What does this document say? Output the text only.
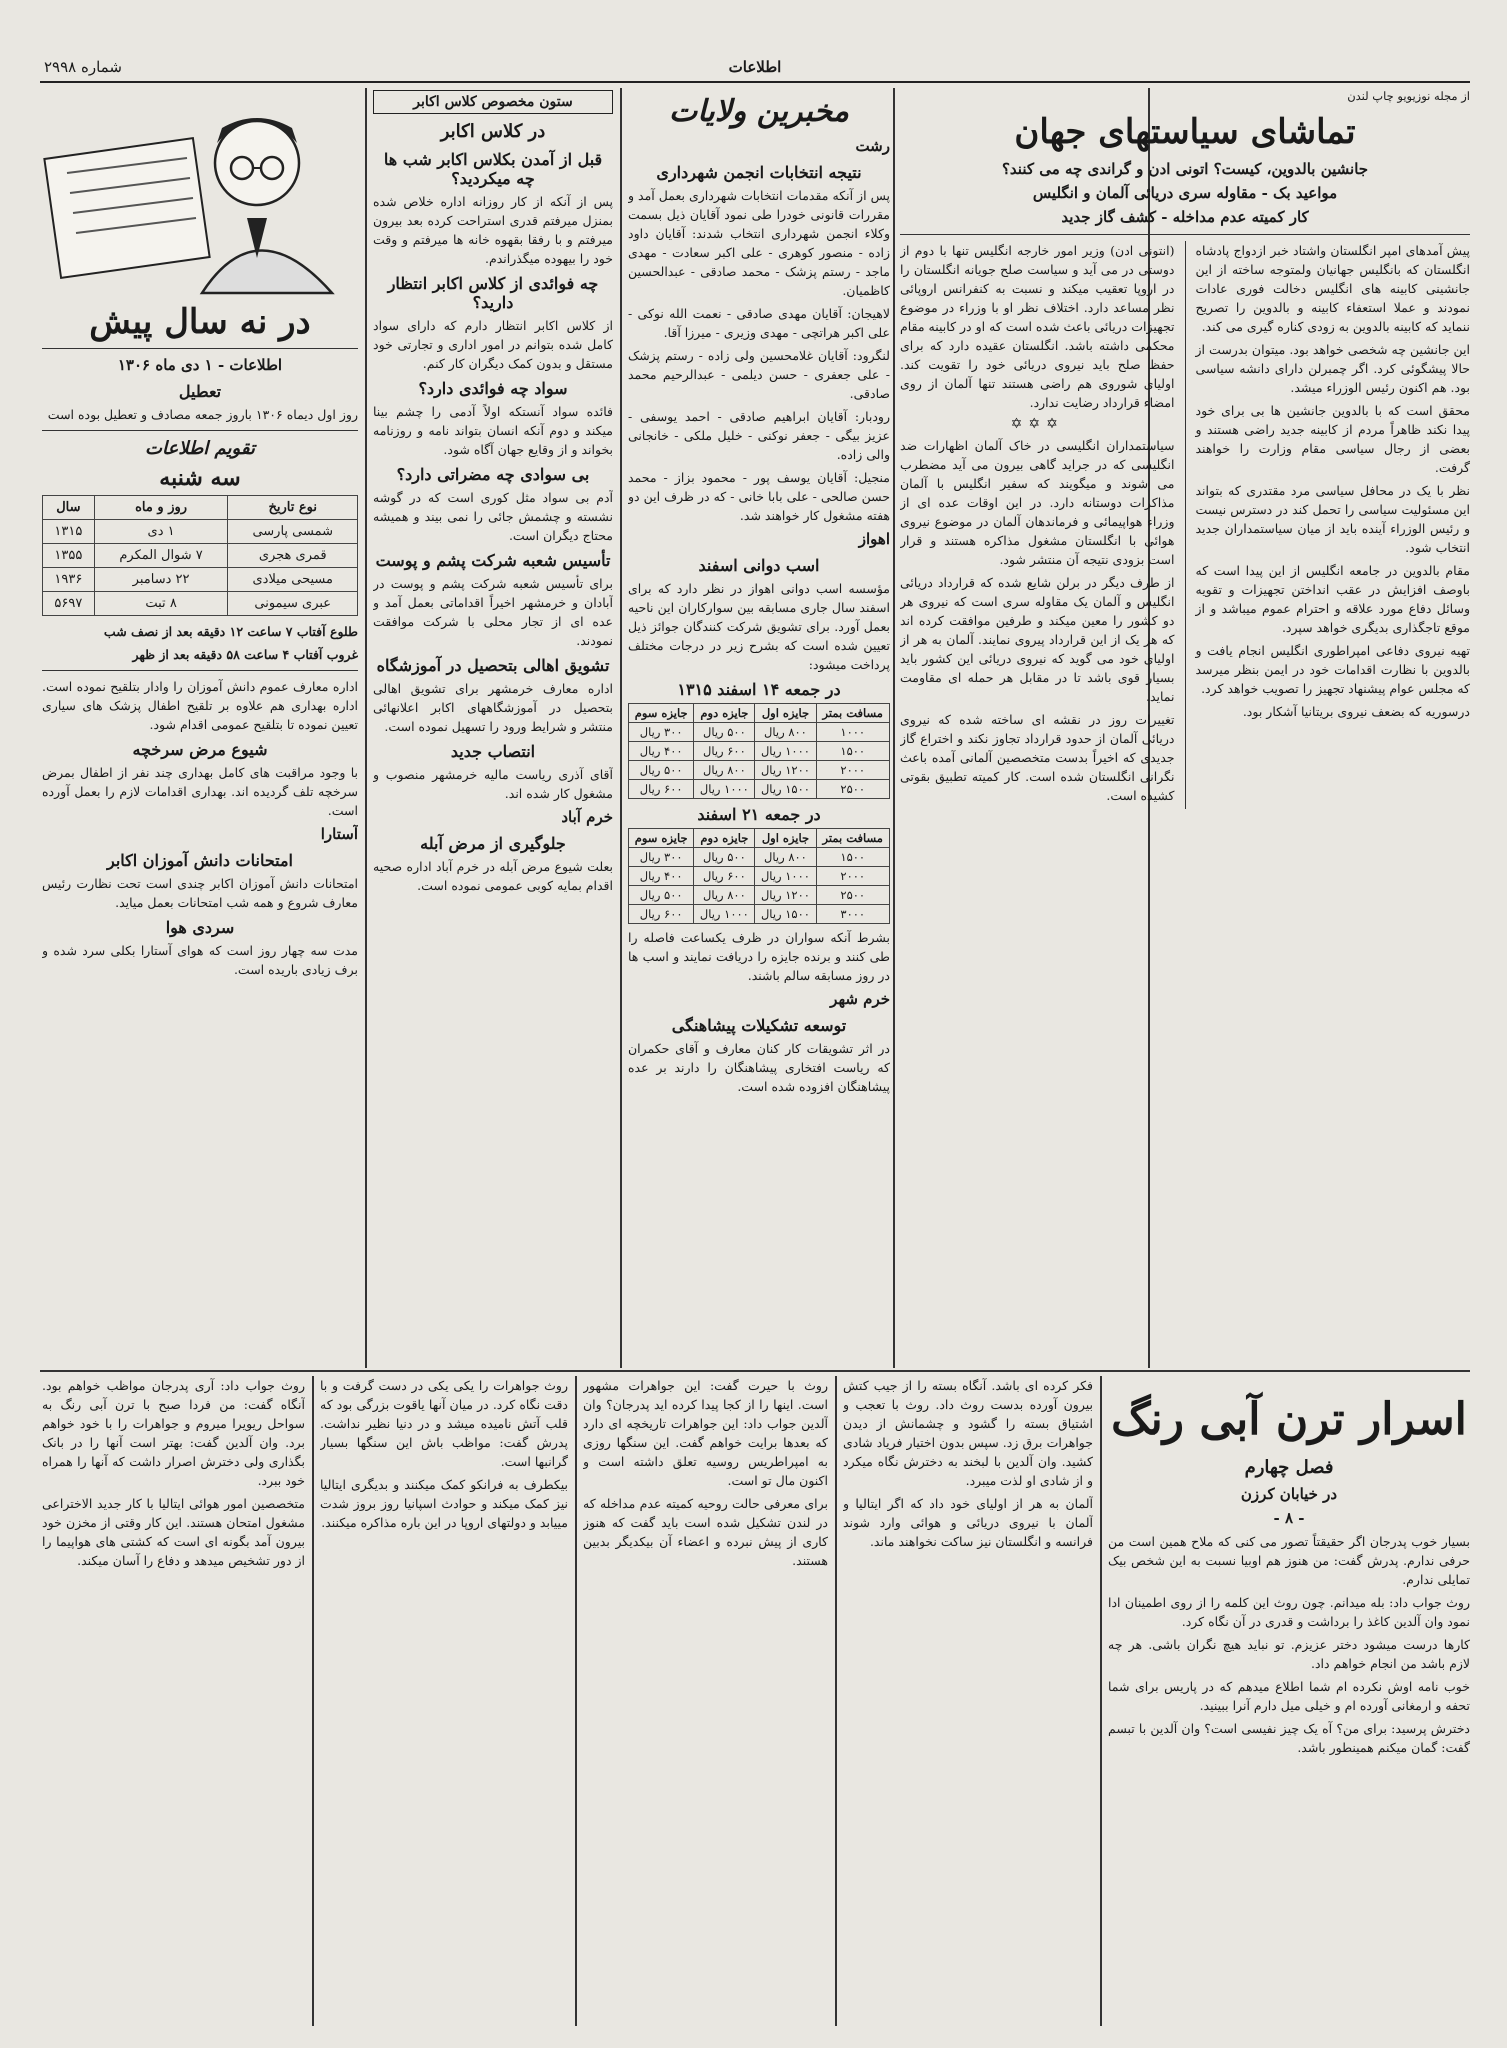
اطلاعات
شماره ۲۹۹۸
از مجله نوزیویو چاپ لندن
تماشای سیاستهای جهان
جانشین بالدوین، کیست؟ اتونی ادن و گراندی چه می کنند؟
مواعید بک - مقاوله سری دریائی آلمان و انگلیس
کار کمیته عدم مداخله - کشف گاز جدید

پیش آمدهای امپر انگلستان واشتاد خبر ازدواج پادشاه انگلستان که بانگلیس جهانیان ولمتوجه ساخته از این جانشینی کابینه های انگلیس دخالت فوری عادات نمودند و عملا استعفاء کابینه و بالدوین را تصریح ننماید که کابینه بالدوین به زودی کناره گیری می کند.

این جانشین چه شخصی خواهد بود. میتوان بدرست از حالا پیشگوئی کرد. اگر چمبرلن دارای دانشه سیاسی بود. هم اکنون رئیس الوزراء میشد.

محقق است که با بالدوین جانشین ها بی برای خود پیدا نکند ظاهراً مردم از کابینه جدید راضی هستند و بعضی از رجال سیاسی مقام وزارت را خواهند گرفت.

نظر با یک در محافل سیاسی مرد مقتدری که بتواند این مسئولیت سیاسی را تحمل کند در دسترس نیست و رئیس الوزراء آینده باید از میان سیاستمداران جدید انتخاب شود.

مقام بالدوین در جامعه انگلیس از این پیدا است که باوصف افزایش در عقب انداختن تجهیزات و تقویه وسائل دفاع مورد علاقه و احترام عموم میباشد و از موقع تاجگذاری بدیگری خواهد سپرد.

تهیه نیروی دفاعی امپراطوری انگلیس انجام یافت و بالدوین با نظارت اقدامات خود در ایمن بنظر میرسد که مجلس عوام پیشنهاد تجهیز را تصویب خواهد کرد.

درسوریه که بضعف نیروی بریتانیا آشکار بود.

(انتونی ادن) وزیر امور خارجه انگلیس تنها با دوم از دوستی در می آید و سیاست صلح جویانه انگلستان را در اروپا تعقیب میکند و نسبت به کنفرانس اروپائی نظر مساعد دارد. اختلاف نظر او با وزراء در موضوع تجهیزات دریائی باعث شده است که او در کابینه مقام محکمی داشته باشد. انگلستان عقیده دارد که برای حفظ صلح باید نیروی دریائی خود را تقویت کند. اولیای شوروی هم راضی هستند تنها آلمان از روی امضاء قرارداد رضایت ندارد.

✡✡✡

سیاستمداران انگلیسی در خاک آلمان اظهارات ضد انگلیسی که در جراید گاهی بیرون می آید مضطرب می شوند و میگویند که سفیر انگلیس با آلمان مذاکرات دوستانه دارد. در این اوقات عده ای از وزراء هواپیمائی و فرماندهان آلمان در موضوع نیروی هوائی با انگلستان مشغول مذاکره هستند و قرار است بزودی نتیجه آن منتشر شود.

از طرف دیگر در برلن شایع شده که قرارداد دریائی انگلیس و آلمان یک مقاوله سری است که نیروی هر دو کشور را معین میکند و طرفین موافقت کرده اند که هر یک از این قرارداد پیروی نمایند. آلمان به هر از اولیای خود می گوید که نیروی دریائی این کشور باید بسیار قوی باشد تا در مقابل هر حمله ای مقاومت نماید.

تغییرات روز در نقشه ای ساخته شده که نیروی دریائی آلمان از حدود قرارداد تجاوز نکند و اختراع گاز جدیدی که اخیراً بدست متخصصین آلمانی آمده باعث نگرانی انگلستان شده است. کار کمیته تطبیق بقوتی کشیده است.

مخبرین ولایات
رشت
نتیجه انتخابات انجمن شهرداری

پس از آنکه مقدمات انتخابات شهرداری بعمل آمد و مقررات قانونی خودرا طی نمود آقایان ذیل بسمت وکلاء انجمن شهرداری انتخاب شدند: آقایان داود زاده - منصور کوهری - علی اکبر سعادت - مهدی ماجد - رستم پزشک - محمد صادقی - عبدالحسین کاظمیان.

لاهیجان: آقایان مهدی صادقی - نعمت الله نوکی - علی اکبر هراتچی - مهدی وزیری - میرزا آقا.

لنگرود: آقایان غلامحسین ولی زاده - رستم پزشک - علی جعفری - حسن دیلمی - عبدالرحیم محمد صادقی.

رودبار: آقایان ابراهیم صادقی - احمد یوسفی - عزیز بیگی - جعفر نوکنی - خلیل ملکی - خانجانی والی زاده.

منجیل: آقایان یوسف پور - محمود بزاز - محمد حسن صالحی - علی بابا خانی - که در ظرف این دو هفته مشغول کار خواهند شد.

اهواز
اسب دوانی اسفند

مؤسسه اسب دوانی اهواز در نظر دارد که برای اسفند سال جاری مسابقه بین سوارکاران این ناحیه بعمل آورد. برای تشویق شرکت کنندگان جوائز ذیل تعیین شده است که بشرح زیر در درجات مختلف پرداخت میشود:

در جمعه ۱۴ اسفند ۱۳۱۵
مسافت بمتر	جایزه اول	جایزه دوم	جایزه سوم
۱۰۰۰	۸۰۰ ریال	۵۰۰ ریال	۳۰۰ ریال
۱۵۰۰	۱۰۰۰ ریال	۶۰۰ ریال	۴۰۰ ریال
۲۰۰۰	۱۲۰۰ ریال	۸۰۰ ریال	۵۰۰ ریال
۲۵۰۰	۱۵۰۰ ریال	۱۰۰۰ ریال	۶۰۰ ریال
در جمعه ۲۱ اسفند
مسافت بمتر	جایزه اول	جایزه دوم	جایزه سوم
۱۵۰۰	۸۰۰ ریال	۵۰۰ ریال	۳۰۰ ریال
۲۰۰۰	۱۰۰۰ ریال	۶۰۰ ریال	۴۰۰ ریال
۲۵۰۰	۱۲۰۰ ریال	۸۰۰ ریال	۵۰۰ ریال
۳۰۰۰	۱۵۰۰ ریال	۱۰۰۰ ریال	۶۰۰ ریال

بشرط آنکه سواران در ظرف یکساعت فاصله را طی کنند و برنده جایزه را دریافت نمایند و اسب ها در روز مسابقه سالم باشند.

خرم شهر
توسعه تشکیلات پیشاهنگی

در اثر تشویقات کار کنان معارف و آقای حکمران که ریاست افتخاری پیشاهنگان را دارند بر عده پیشاهنگان افزوده شده است.

ستون مخصوص کلاس اکابر
در کلاس اکابر
قبل از آمدن بکلاس اکابر شب ها چه میکردید؟

پس از آنکه از کار روزانه اداره خلاص شده بمنزل میرفتم قدری استراحت کرده بعد بیرون میرفتم و با رفقا بقهوه خانه ها میرفتم و وقت خود را بیهوده میگذراندم.

چه فوائدی از کلاس اکابر انتظار دارید؟

از کلاس اکابر انتظار دارم که دارای سواد کامل شده بتوانم در امور اداری و تجارتی خود مستقل و بدون کمک دیگران کار کنم.

سواد چه فوائدی دارد؟

فائده سواد آنستکه اولاً آدمی را چشم بینا میکند و دوم آنکه انسان بتواند نامه و روزنامه بخواند و از وقایع جهان آگاه شود.

بی سوادی چه مضراتی دارد؟

آدم بی سواد مثل کوری است که در گوشه نشسته و چشمش جائی را نمی بیند و همیشه محتاج دیگران است.

تأسیس شعبه شرکت پشم و پوست

برای تأسیس شعبه شرکت پشم و پوست در آبادان و خرمشهر اخیراً اقداماتی بعمل آمد و عده ای از تجار محلی با شرکت موافقت نمودند.

تشویق اهالی بتحصیل در آموزشگاه

اداره معارف خرمشهر برای تشویق اهالی بتحصیل در آموزشگاههای اکابر اعلانهائی منتشر و شرایط ورود را تسهیل نموده است.

انتصاب جدید

آقای آذری ریاست مالیه خرمشهر منصوب و مشغول کار شده اند.

خرم آباد
جلوگیری از مرض آبله

بعلت شیوع مرض آبله در خرم آباد اداره صحیه اقدام بمایه کوبی عمومی نموده است.

در نه سال پیش
اطلاعات - ۱ دی ماه ۱۳۰۶
تعطیل

روز اول دیماه ۱۳۰۶ باروز جمعه مصادف و تعطیل بوده است

تقویم اطلاعات
سه شنبه
نوع تاریخ	روز و ماه	سال
شمسی پارسی	۱ دی	۱۳۱۵
قمری هجری	۷ شوال المکرم	۱۳۵۵
مسیحی میلادی	۲۲ دسامبر	۱۹۳۶
عبری سیمونی	۸ تبت	۵۶۹۷

طلوع آفتاب ۷ ساعت ۱۲ دقیقه بعد از نصف شب

غروب آفتاب ۴ ساعت ۵۸ دقیقه بعد از ظهر

اداره معارف عموم دانش آموزان را وادار بتلقیح نموده است. اداره بهداری هم علاوه بر تلقیح اطفال پزشک های سیاری تعیین نموده تا بتلقیح عمومی اقدام شود.

شیوع مرض سرخچه

با وجود مراقبت های کامل بهداری چند نفر از اطفال بمرض سرخچه تلف گردیده اند. بهداری اقدامات لازم را بعمل آورده است.

آستارا
امتحانات دانش آموزان اکابر

امتحانات دانش آموزان اکابر چندی است تحت نظارت رئیس معارف شروع و همه شب امتحانات بعمل میاید.

سردی هوا

مدت سه چهار روز است که هوای آستارا بکلی سرد شده و برف زیادی باریده است.

اسرار ترن آبی رنگ
فصل چهارم
در خیابان کرزن
- ۸ -

بسیار خوب پدرجان اگر حقیقتاً تصور می کنی که ملاح همین است من حرفی ندارم. پدرش گفت: من هنوز هم اوبیا نسبت به این شخص بیک تمایلی ندارم.

روث جواب داد: بله میدانم. چون روث این کلمه را از روی اطمینان ادا نمود وان آلدین کاغذ را برداشت و قدری در آن نگاه کرد.

کارها درست میشود دختر عزیزم. تو نباید هیچ نگران باشی. هر چه لازم باشد من انجام خواهم داد.

خوب نامه اوش نکرده ام شما اطلاع میدهم که در پاریس برای شما تحفه و ارمغانی آورده ام و خیلی میل دارم آنرا ببینید.

دخترش پرسید: برای من؟ آه یک چیز نفیسی است؟ وان آلدین با تبسم گفت: گمان میکنم همینطور باشد.

فکر کرده ای باشد. آنگاه بسته را از جیب کتش بیرون آورده بدست روث داد. روث با تعجب و اشتیاق بسته را گشود و چشمانش از دیدن جواهرات برق زد. سپس بدون اختیار فریاد شادی کشید. وان آلدین با لبخند به دخترش نگاه میکرد و از شادی او لذت میبرد.

آلمان به هر از اولیای خود داد که اگر ایتالیا و آلمان با نیروی دریائی و هوائی وارد شوند فرانسه و انگلستان نیز ساکت نخواهند ماند.

روث با حیرت گفت: این جواهرات مشهور است. اینها را از کجا پیدا کرده اید پدرجان؟ وان آلدین جواب داد: این جواهرات تاریخچه ای دارد که بعدها برایت خواهم گفت. این سنگها روزی به امپراطریس روسیه تعلق داشته است و اکنون مال تو است.

برای معرفی حالت روحیه کمیته عدم مداخله که در لندن تشکیل شده است باید گفت که هنوز کاری از پیش نبرده و اعضاء آن بیکدیگر بدبین هستند.

روث جواهرات را یکی یکی در دست گرفت و با دقت نگاه کرد. در میان آنها یاقوت بزرگی بود که قلب آتش نامیده میشد و در دنیا نظیر نداشت. پدرش گفت: مواظب باش این سنگها بسیار گرانبها است.

بیکطرف به فرانکو کمک میکنند و بدیگری ایتالیا نیز کمک میکند و حوادث اسپانیا روز بروز شدت مییابد و دولتهای اروپا در این باره مذاکره میکنند.

روث جواب داد: آری پدرجان مواظب خواهم بود. آنگاه گفت: من فردا صبح با ترن آبی رنگ به سواحل ریویرا میروم و جواهرات را با خود خواهم برد. وان آلدین گفت: بهتر است آنها را در بانک بگذاری ولی دخترش اصرار داشت که آنها را همراه خود ببرد.

متخصصین امور هوائی ایتالیا با کار جدید الاختراعی مشغول امتحان هستند. این کار وقتی از مخزن خود بیرون آمد بگونه ای است که کشتی های هواپیما را از دور تشخیص میدهد و دفاع را آسان میکند.
